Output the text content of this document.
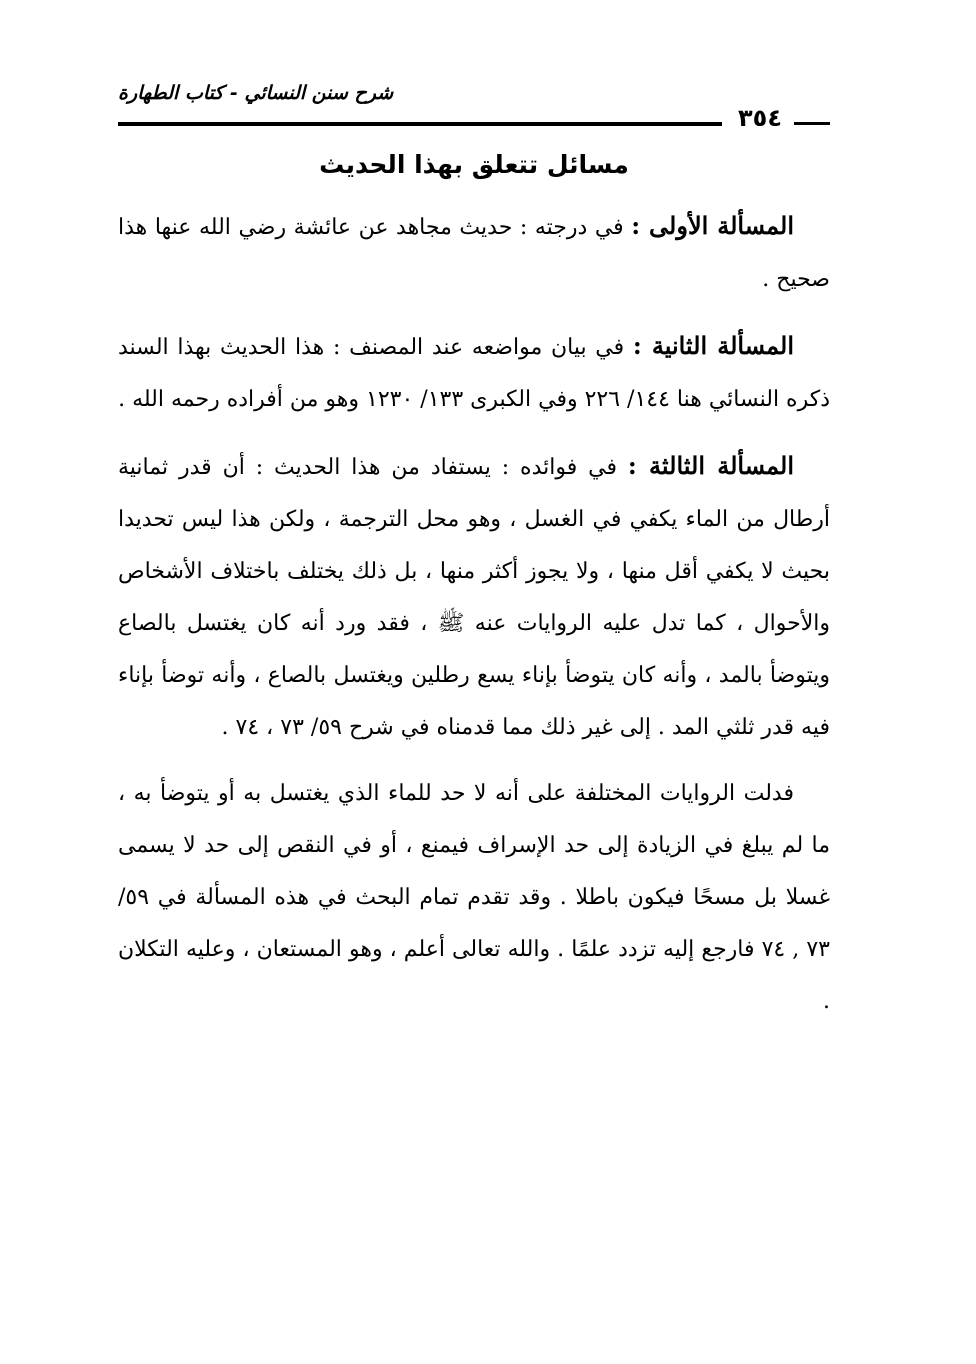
شرح سنن النسائي - كتاب الطهارة
٣٥٤
مسائل تتعلق بهذا الحديث

المسألة الأولى : في درجته : حديث مجاهد عن عائشة رضي الله عنها هذا صحيح .

المسألة الثانية : في بيان مواضعه عند المصنف : هذا الحديث بهذا السند ذكره النسائي هنا ١٤٤/ ٢٢٦ وفي الكبرى ١٣٣/ ١٢٣٠ وهو من أفراده رحمه الله .

المسألة الثالثة : في فوائده : يستفاد من هذا الحديث : أن قدر ثمانية أرطال من الماء يكفي في الغسل ، وهو محل الترجمة ، ولكن هذا ليس تحديدا بحيث لا يكفي أقل منها ، ولا يجوز أكثر منها ، بل ذلك يختلف باختلاف الأشخاص والأحوال ، كما تدل عليه الروايات عنه ﷺ ، فقد ورد أنه كان يغتسل بالصاع ويتوضأ بالمد ، وأنه كان يتوضأ بإناء يسع رطلين ويغتسل بالصاع ، وأنه توضأ بإناء فيه قدر ثلثي المد . إلى غير ذلك مما قدمناه في شرح ٥٩/ ٧٣ ، ٧٤ .

فدلت الروايات المختلفة على أنه لا حد للماء الذي يغتسل به أو يتوضأ به ، ما لم يبلغ في الزيادة إلى حد الإسراف فيمنع ، أو في النقص إلى حد لا يسمى غسلا بل مسحًا فيكون باطلا . وقد تقدم تمام البحث في هذه المسألة في ٥٩/ ٧٣ , ٧٤ فارجع إليه تزدد علمًا . والله تعالى أعلم ، وهو المستعان ، وعليه التكلان .
